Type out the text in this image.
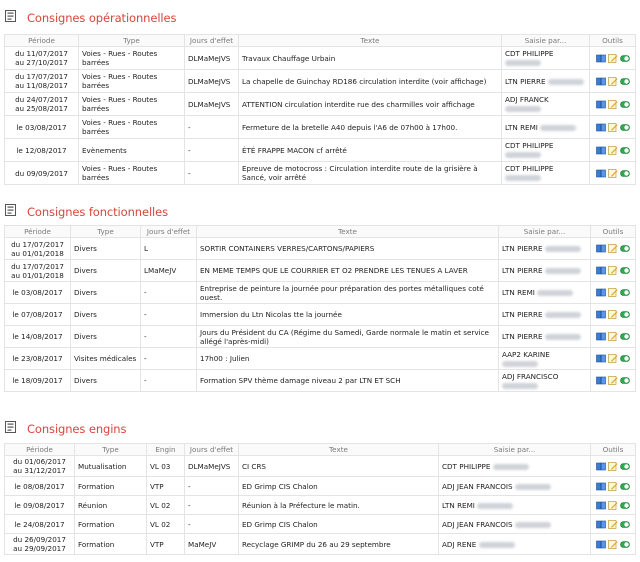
Consignes opérationnelles
Période	Type	Jours d'effet	Texte	Saisie par...	Outils

du 11/07/2017
au 27/10/2017	Voies - Rues - Routes barrées	DLMaMeJVS	Travaux Chauffage Urbain	CDT PHILIPPE	

du 17/07/2017
au 11/08/2017	Voies - Rues - Routes barrées	DLMaMeJVS	La chapelle de Guinchay RD186 circulation interdite (voir affichage)	LTN PIERRE	

du 24/07/2017
au 25/08/2017	Voies - Rues - Routes barrées	DLMaMeJVS	ATTENTION circulation interdite rue des charmilles voir affichage	ADJ FRANCK	

le 03/08/2017	Voies - Rues - Routes barrées	-	Fermeture de la bretelle A40 depuis l'A6 de 07h00 à 17h00.	LTN REMI	

le 12/08/2017	Evènements	-	ÉTÉ FRAPPE MACON cf arrêté	CDT PHILIPPE	

du 09/09/2017	Voies - Rues - Routes barrées	-	Epreuve de motocross : Circulation interdite route de la grisière à Sancé, voir arrêté	CDT PHILIPPE	
Consignes fonctionnelles
Période	Type	Jours d'effet	Texte	Saisie par...	Outils

du 17/07/2017
au 01/01/2018	Divers	L	SORTIR CONTAINERS VERRES/CARTONS/PAPIERS	LTN PIERRE	

du 17/07/2017
au 01/01/2018	Divers	LMaMeJV	EN MEME TEMPS QUE LE COURRIER ET O2 PRENDRE LES TENUES A LAVER	LTN PIERRE	

le 03/08/2017	Divers	-	Entreprise de peinture la journée pour préparation des portes métalliques coté ouest.	LTN REMI	

le 07/08/2017	Divers	-	Immersion du Ltn Nicolas tte la journée	LTN PIERRE	

le 14/08/2017	Divers	-	Jours du Président du CA (Régime du Samedi, Garde normale le matin et service allégé l'après-midi)	LTN PIERRE	

le 23/08/2017	Visites médicales	-	17h00 : Julien	AAP2 KARINE	

le 18/09/2017	Divers	-	Formation SPV thème damage niveau 2 par LTN ET SCH	ADJ FRANCISCO	
Consignes engins
Période	Type	Engin	Jours d'effet	Texte	Saisie par...	Outils

du 01/06/2017
au 31/12/2017	Mutualisation	VL 03	DLMaMeJVS	CI CRS	CDT PHILIPPE	

le 08/08/2017	Formation	VTP	-	ED Grimp CIS Chalon	ADJ JEAN FRANCOIS	

le 09/08/2017	Réunion	VL 02	-	Réunion à la Préfecture le matin.	LTN REMI	

le 24/08/2017	Formation	VL 02	-	ED Grimp CIS Chalon	ADJ JEAN FRANCOIS	

du 26/09/2017
au 29/09/2017	Formation	VTP	MaMeJV	Recyclage GRIMP du 26 au 29 septembre	ADJ RENE	
